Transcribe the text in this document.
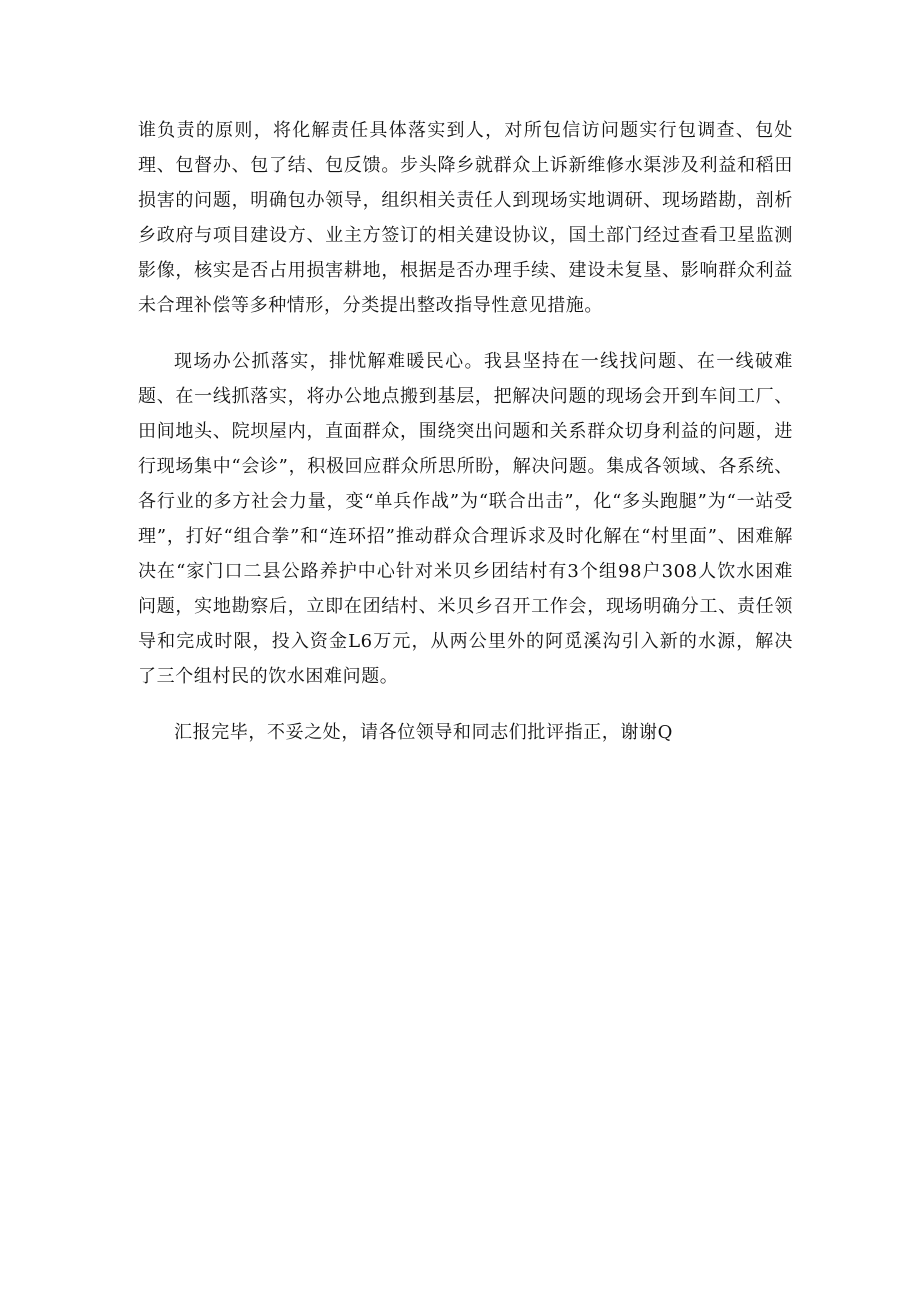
谁负责的原则，将化解责任具体落实到人，对所包信访问题实行包调查、包处理、包督办、包了结、包反馈。步头降乡就群众上诉新维修水渠涉及利益和稻田损害的问题，明确包办领导，组织相关责任人到现场实地调研、现场踏勘，剖析乡政府与项目建设方、业主方签订的相关建设协议，国土部门经过查看卫星监测影像，核实是否占用损害耕地，根据是否办理手续、建设未复垦、影响群众利益未合理补偿等多种情形，分类提出整改指导性意见措施。

现场办公抓落实，排忧解难暖民心。我县坚持在一线找问题、在一线破难题、在一线抓落实，将办公地点搬到基层，把解决问题的现场会开到车间工厂、田间地头、院坝屋内，直面群众，围绕突出问题和关系群众切身利益的问题，进行现场集中“会诊”，积极回应群众所思所盼，解决问题。集成各领域、各系统、各行业的多方社会力量，变“单兵作战”为“联合出击”，化“多头跑腿”为“一站受理”，打好“组合拳”和“连环招”推动群众合理诉求及时化解在“村里面”、困难解决在“家门口二县公路养护中心针对米贝乡团结村有3个组98户308人饮水困难问题，实地勘察后，立即在团结村、米贝乡召开工作会，现场明确分工、责任领导和完成时限，投入资金L6万元，从两公里外的阿觅溪沟引入新的水源，解决了三个组村民的饮水困难问题。

汇报完毕，不妥之处，请各位领导和同志们批评指正，谢谢Q
